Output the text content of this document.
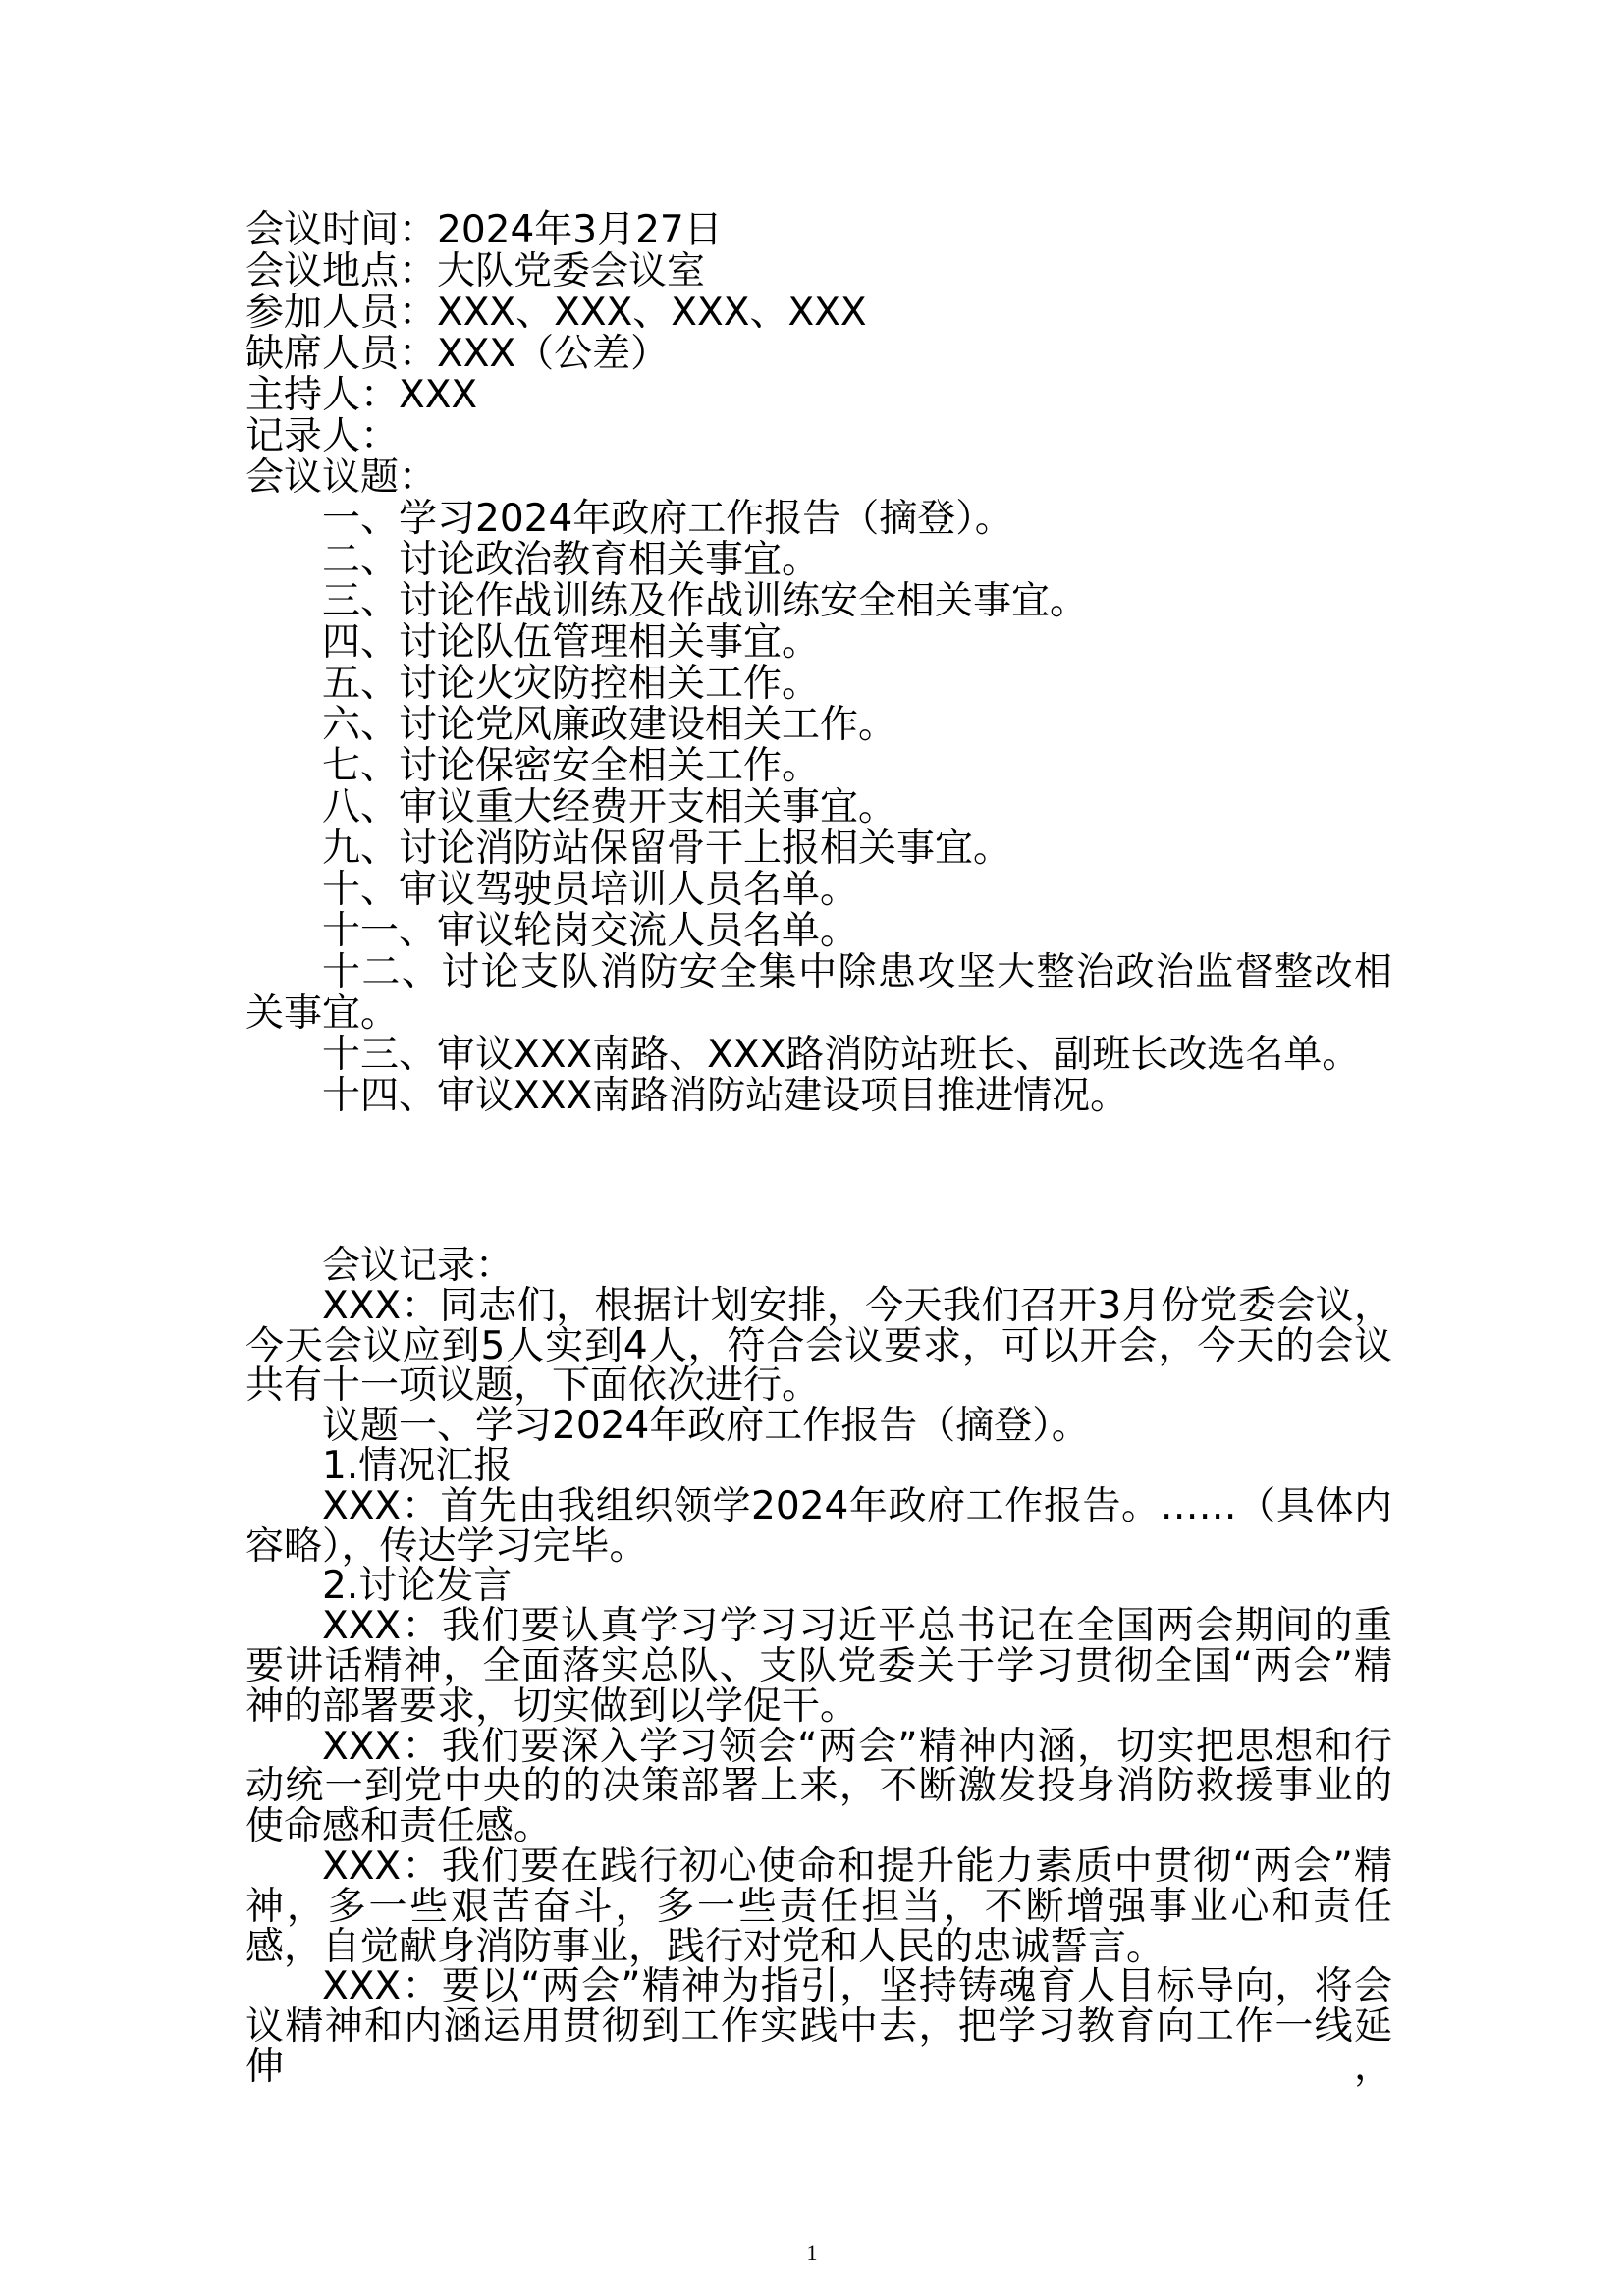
会议时间：2024年3月27日

会议地点：大队党委会议室

参加人员：XXX、XXX、XXX、XXX

缺席人员：XXX（公差）

主持人：XXX

记录人：

会议议题：

一、学习2024年政府工作报告（摘登）。

二、讨论政治教育相关事宜。

三、讨论作战训练及作战训练安全相关事宜。

四、讨论队伍管理相关事宜。

五、讨论火灾防控相关工作。

六、讨论党风廉政建设相关工作。

七、讨论保密安全相关工作。

八、审议重大经费开支相关事宜。

九、讨论消防站保留骨干上报相关事宜。

十、审议驾驶员培训人员名单。

十一、审议轮岗交流人员名单。

十二、讨论支队消防安全集中除患攻坚大整治政治监督整改相关事宜。

十三、审议XXX南路、XXX路消防站班长、副班长改选名单。

十四、审议XXX南路消防站建设项目推进情况。

会议记录：

XXX：同志们，根据计划安排，今天我们召开3月份党委会议，今天会议应到5人实到4人，符合会议要求，可以开会，今天的会议共有十一项议题，下面依次进行。

议题一、学习2024年政府工作报告（摘登）。

1.情况汇报

XXX：首先由我组织领学2024年政府工作报告。……（具体内容略），传达学习完毕。

2.讨论发言

XXX：我们要认真学习学习习近平总书记在全国两会期间的重要讲话精神，全面落实总队、支队党委关于学习贯彻全国“两会”精神的部署要求，切实做到以学促干。

XXX：我们要深入学习领会“两会”精神内涵，切实把思想和行动统一到党中央的的决策部署上来，不断激发投身消防救援事业的使命感和责任感。

XXX：我们要在践行初心使命和提升能力素质中贯彻“两会”精神，多一些艰苦奋斗，多一些责任担当，不断增强事业心和责任感，自觉献身消防事业，践行对党和人民的忠诚誓言。

XXX：要以“两会”精神为指引，坚持铸魂育人目标导向，将会议精神和内涵运用贯彻到工作实践中去，把学习教育向工作一线延伸，

1
